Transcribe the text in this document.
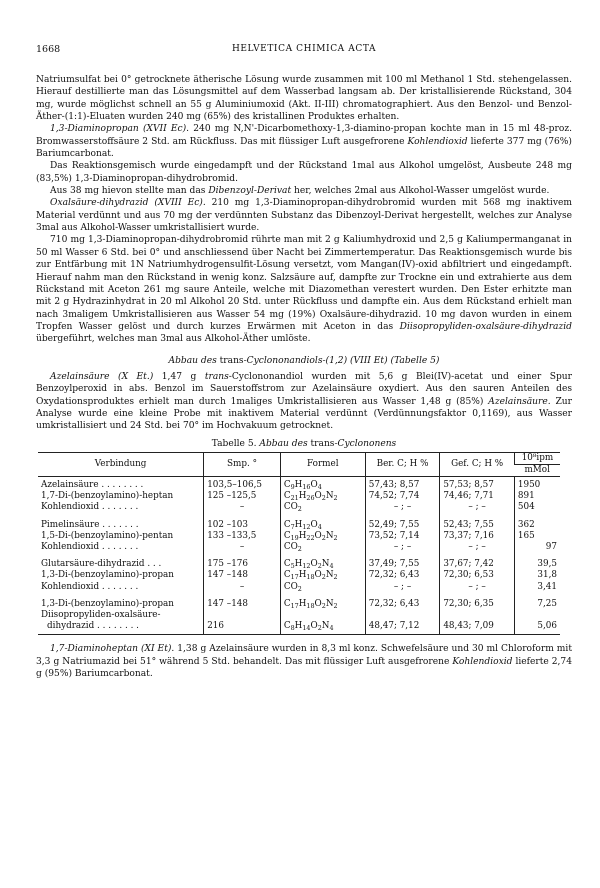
1668	HELVETICA CHIMICA ACTA

Natriumsulfat bei 0° getrocknete ätherische Lösung wurde zusammen mit 100 ml Methanol 1 Std. stehengelassen. Hierauf destillierte man das Lösungsmittel auf dem Wasserbad langsam ab. Der kristallisierende Rückstand, 304 mg, wurde möglichst schnell an 55 g Aluminiumoxid (Akt. II-III) chromatographiert. Aus den Benzol- und Benzol-Äther-(1:1)-Eluaten wurden 240 mg (65%) des kristallinen Produktes erhalten.

1,3-Diaminopropan (XVII Ec). 240 mg N,N'-Dicarbomethoxy-1,3-diamino-propan kochte man in 15 ml 48-proz. Bromwasserstoffsäure 2 Std. am Rückfluss. Das mit flüssiger Luft ausgefrorene Kohlendioxid lieferte 377 mg (76%) Bariumcarbonat.

Das Reaktionsgemisch wurde eingedampft und der Rückstand 1mal aus Alkohol umgelöst, Ausbeute 248 mg (83,5%) 1,3-Diaminopropan-dihydrobromid.

Aus 38 mg hievon stellte man das Dibenzoyl-Derivat her, welches 2mal aus Alkohol-Wasser umgelöst wurde.

Oxalsäure-dihydrazid (XVIII Ec). 210 mg 1,3-Diaminopropan-dihydrobromid wurden mit 568 mg inaktivem Material verdünnt und aus 70 mg der verdünnten Substanz das Dibenzoyl-Derivat hergestellt, welches zur Analyse 3mal aus Alkohol-Wasser umkristallisiert wurde.

710 mg 1,3-Diaminopropan-dihydrobromid rührte man mit 2 g Kaliumhydroxid und 2,5 g Kaliumpermanganat in 50 ml Wasser 6 Std. bei 0° und anschliessend über Nacht bei Zimmertemperatur. Das Reaktionsgemisch wurde bis zur Entfärbung mit 1N Natriumhydrogensulfit-Lösung versetzt, vom Mangan(IV)-oxid abfiltriert und eingedampft. Hierauf nahm man den Rückstand in wenig konz. Salzsäure auf, dampfte zur Trockne ein und extrahierte aus dem Rückstand mit Aceton 261 mg saure Anteile, welche mit Diazomethan verestert wurden. Den Ester erhitzte man mit 2 g Hydrazinhydrat in 20 ml Alkohol 20 Std. unter Rückfluss und dampfte ein. Aus dem Rückstand erhielt man nach 3maligem Umkristallisieren aus Wasser 54 mg (19%) Oxalsäure-dihydrazid. 10 mg davon wurden in einem Tropfen Wasser gelöst und durch kurzes Erwärmen mit Aceton in das Diisopropyliden-oxalsäure-dihydrazid übergeführt, welches man 3mal aus Alkohol-Äther umlöste.

Abbau des trans-Cyclononandiols-(1,2) (VIII Et) (Tabelle 5)

Azelainsäure (X Et.) 1,47 g trans-Cyclononandiol wurden mit 5,6 g Blei(IV)-acetat und einer Spur Benzoylperoxid in abs. Benzol im Sauerstoffstrom zur Azelainsäure oxydiert. Aus den sauren Anteilen des Oxydationsproduktes erhielt man durch 1maliges Umkristallisieren aus Wasser 1,48 g (85%) Azelainsäure. Zur Analyse wurde eine kleine Probe mit inaktivem Material verdünnt (Verdünnungsfaktor 0,1169), aus Wasser umkristallisiert und 24 Std. bei 70° im Hochvakuum getrocknet.

Tabelle 5. Abbau des trans-Cyclononens
Verbindung	Smp. °	Formel	Ber. C; H %	Gef. C; H %	10⁸ipm
					mMol
Azelainsäure . . . . . . . .	103,5–106,5	$C_9H_{16}O_4$	57,43; 8,57	57,53; 8,57	1950
1,7-Di-(benzoylamino)-heptan	125 –125,5	$C_{21}H_{26}O_2N_2$	74,52; 7,74	74,46; 7,71	891
Kohlendioxid . . . . . . .	–	$CO_2$	– ; –	– ; –	504
Pimelinsäure . . . . . . .	102 –103	$C_7H_{12}O_4$	52,49; 7,55	52,43; 7,55	362
1,5-Di-(benzoylamino)-pentan	133 –133,5	$C_{19}H_{22}O_2N_2$	73,52; 7,14	73,37; 7,16	165
Kohlendioxid . . . . . . .	–	$CO_2$	– ; –	– ; –	97
Glutarsäure-dihydrazid . . .	175 –176	$C_5H_{12}O_2N_4$	37,49; 7,55	37,67; 7,42	39,5
1,3-Di-(benzoylamino)-propan	147 –148	$C_{17}H_{18}O_2N_2$	72,32; 6,43	72,30; 6,53	31,8
Kohlendioxid . . . . . . .	–	$CO_2$	– ; –	– ; –	3,41
1,3-Di-(benzoylamino)-propan	147 –148	$C_{17}H_{18}O_2N_2$	72,32; 6,43	72,30; 6,35	7,25
Diisopropyliden-oxalsäure-
dihydrazid . . . . . . . .	216	$C_8H_{14}O_2N_4$	48,47; 7,12	48,43; 7,09	5,06

1,7-Diaminoheptan (XI Et). 1,38 g Azelainsäure wurden in 8,3 ml konz. Schwefelsäure und 30 ml Chloroform mit 3,3 g Natriumazid bei 51° während 5 Std. behandelt. Das mit flüssiger Luft ausgefrorene Kohlendioxid lieferte 2,74 g (95%) Bariumcarbonat.
